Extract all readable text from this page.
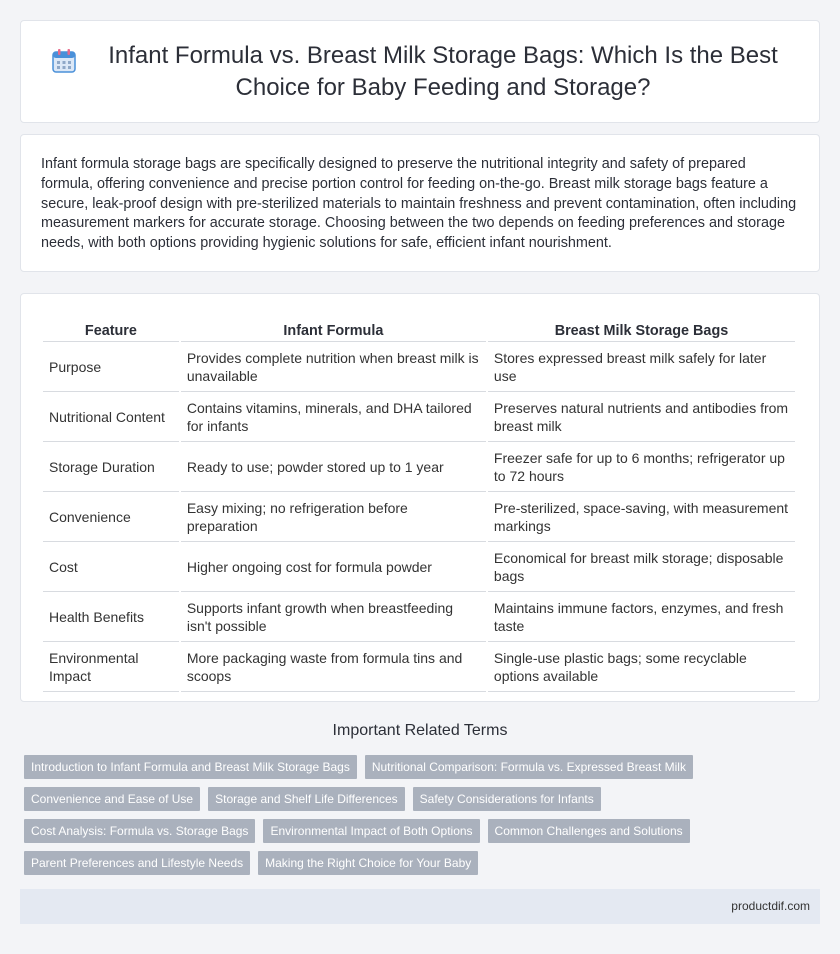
Infant Formula vs. Breast Milk Storage Bags: Which Is the Best Choice for Baby Feeding and Storage?

Infant formula storage bags are specifically designed to preserve the nutritional integrity and safety of prepared formula, offering convenience and precise portion control for feeding on-the-go. Breast milk storage bags feature a secure, leak-proof design with pre-sterilized materials to maintain freshness and prevent contamination, often including measurement markers for accurate storage. Choosing between the two depends on feeding preferences and storage needs, with both options providing hygienic solutions for safe, efficient infant nourishment.

Feature	Infant Formula	Breast Milk Storage Bags
Purpose	Provides complete nutrition when breast milk is unavailable	Stores expressed breast milk safely for later use
Nutritional Content	Contains vitamins, minerals, and DHA tailored for infants	Preserves natural nutrients and antibodies from breast milk
Storage Duration	Ready to use; powder stored up to 1 year	Freezer safe for up to 6 months; refrigerator up to 72 hours
Convenience	Easy mixing; no refrigeration before preparation	Pre-sterilized, space-saving, with measurement markings
Cost	Higher ongoing cost for formula powder	Economical for breast milk storage; disposable bags
Health Benefits	Supports infant growth when breastfeeding isn't possible	Maintains immune factors, enzymes, and fresh taste
Environmental Impact	More packaging waste from formula tins and scoops	Single-use plastic bags; some recyclable options available
Important Related Terms
Introduction to Infant Formula and Breast Milk Storage Bags	Nutritional Comparison: Formula vs. Expressed Breast Milk
Convenience and Ease of Use	Storage and Shelf Life Differences	Safety Considerations for Infants
Cost Analysis: Formula vs. Storage Bags	Environmental Impact of Both Options	Common Challenges and Solutions
Parent Preferences and Lifestyle Needs	Making the Right Choice for Your Baby
productdif.com
